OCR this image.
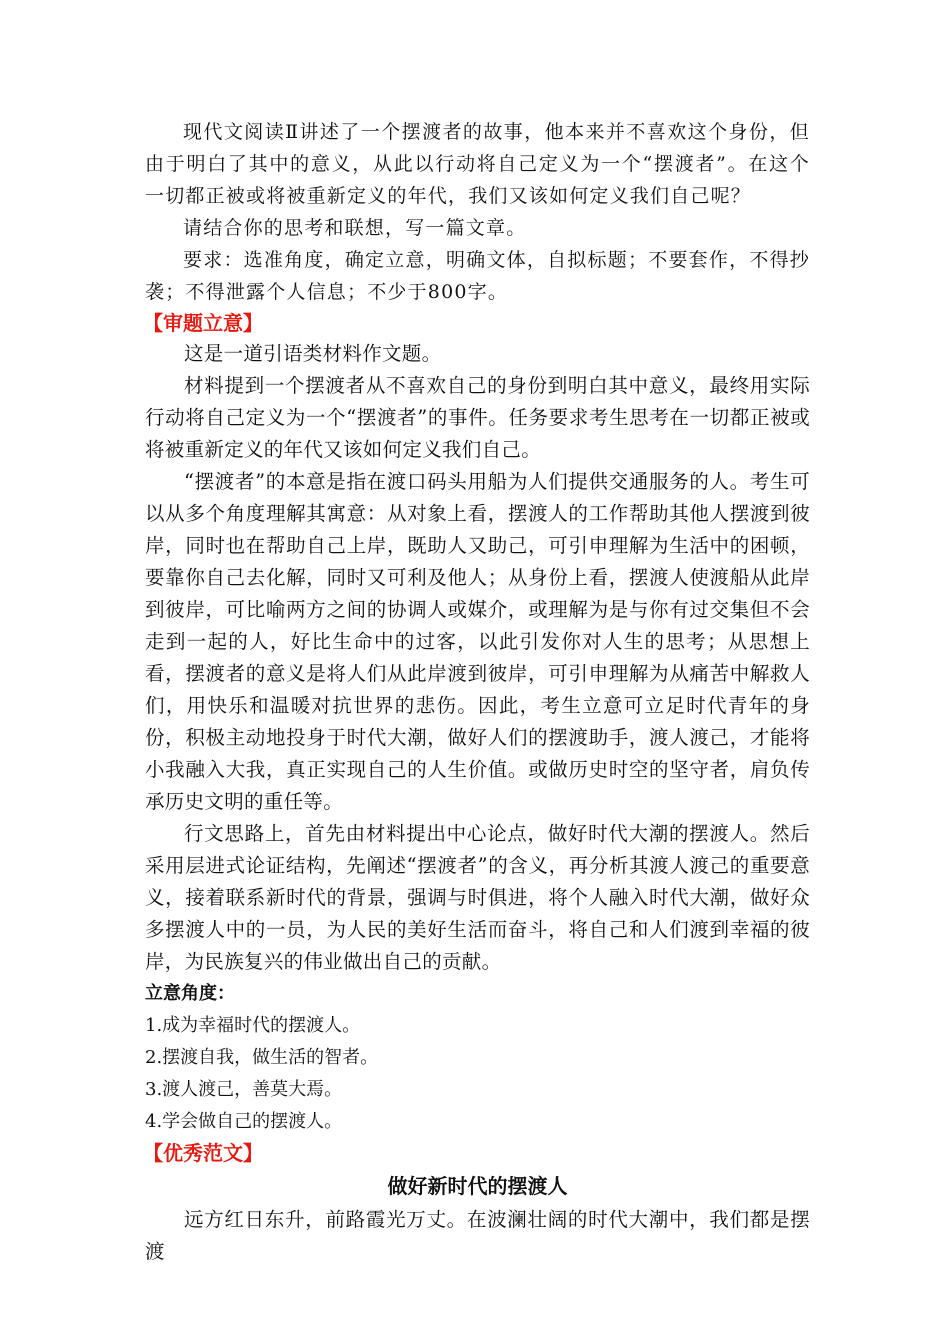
现代文阅读Ⅱ讲述了一个摆渡者的故事，他本来并不喜欢这个身份，但由于明白了其中的意义，从此以行动将自己定义为一个“摆渡者”。在这个一切都正被或将被重新定义的年代，我们又该如何定义我们自己呢？

请结合你的思考和联想，写一篇文章。

要求：选准角度，确定立意，明确文体，自拟标题；不要套作，不得抄袭；不得泄露个人信息；不少于800字。

【审题立意】

这是一道引语类材料作文题。

材料提到一个摆渡者从不喜欢自己的身份到明白其中意义，最终用实际行动将自己定义为一个“摆渡者”的事件。任务要求考生思考在一切都正被或将被重新定义的年代又该如何定义我们自己。

“摆渡者”的本意是指在渡口码头用船为人们提供交通服务的人。考生可以从多个角度理解其寓意：从对象上看，摆渡人的工作帮助其他人摆渡到彼岸，同时也在帮助自己上岸，既助人又助己，可引申理解为生活中的困顿，要靠你自己去化解，同时又可利及他人；从身份上看，摆渡人使渡船从此岸到彼岸，可比喻两方之间的协调人或媒介，或理解为是与你有过交集但不会走到一起的人，好比生命中的过客，以此引发你对人生的思考；从思想上看，摆渡者的意义是将人们从此岸渡到彼岸，可引申理解为从痛苦中解救人们，用快乐和温暖对抗世界的悲伤。因此，考生立意可立足时代青年的身份，积极主动地投身于时代大潮，做好人们的摆渡助手，渡人渡己，才能将小我融入大我，真正实现自己的人生价值。或做历史时空的坚守者，肩负传承历史文明的重任等。

行文思路上，首先由材料提出中心论点，做好时代大潮的摆渡人。然后采用层进式论证结构，先阐述“摆渡者”的含义，再分析其渡人渡己的重要意义，接着联系新时代的背景，强调与时俱进，将个人融入时代大潮，做好众多摆渡人中的一员，为人民的美好生活而奋斗，将自己和人们渡到幸福的彼岸，为民族复兴的伟业做出自己的贡献。

立意角度：

1.成为幸福时代的摆渡人。

2.摆渡自我，做生活的智者。

3.渡人渡己，善莫大焉。

4.学会做自己的摆渡人。

【优秀范文】

做好新时代的摆渡人

远方红日东升，前路霞光万丈。在波澜壮阔的时代大潮中，我们都是摆渡
